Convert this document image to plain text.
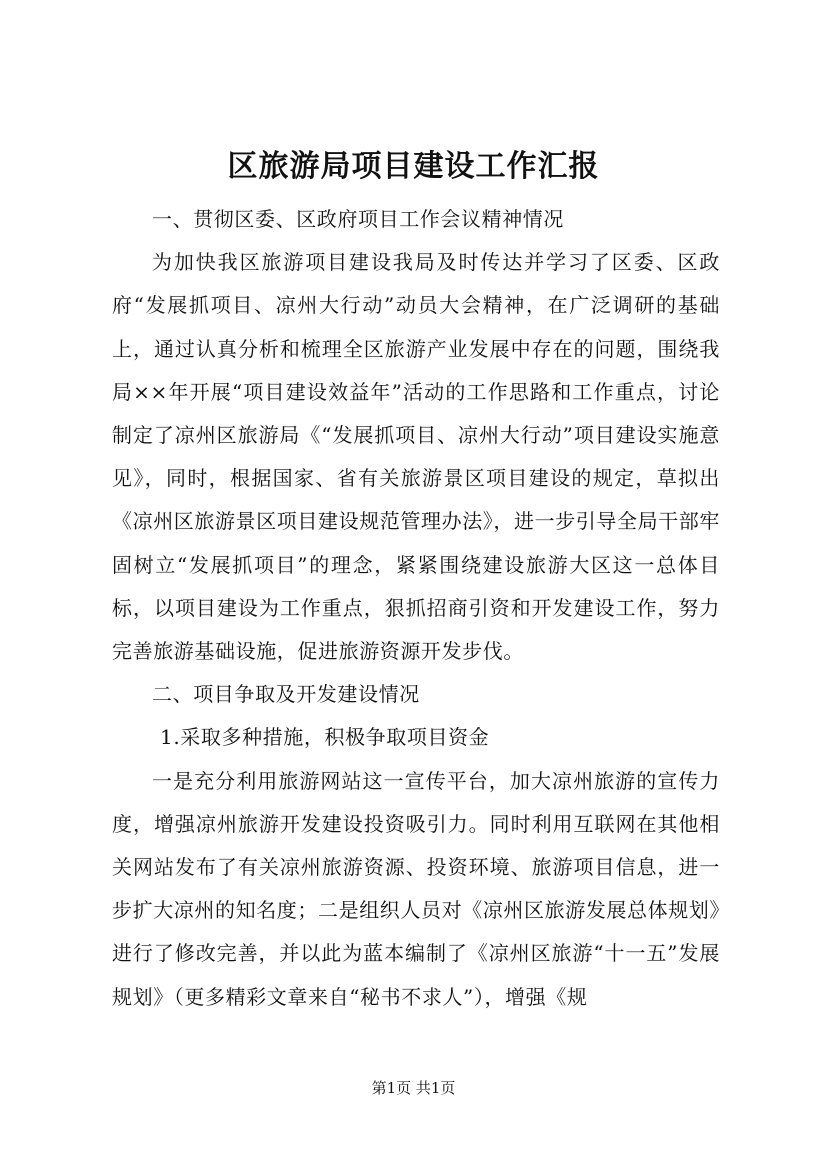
区旅游局项目建设工作汇报

一、贯彻区委、区政府项目工作会议精神情况

为加快我区旅游项目建设我局及时传达并学习了区委、区政府“发展抓项目、凉州大行动”动员大会精神，在广泛调研的基础上，通过认真分析和梳理全区旅游产业发展中存在的问题，围绕我局××年开展“项目建设效益年”活动的工作思路和工作重点，讨论制定了凉州区旅游局《“发展抓项目、凉州大行动”项目建设实施意见》，同时，根据国家、省有关旅游景区项目建设的规定，草拟出《凉州区旅游景区项目建设规范管理办法》，进一步引导全局干部牢固树立“发展抓项目”的理念，紧紧围绕建设旅游大区这一总体目标，以项目建设为工作重点，狠抓招商引资和开发建设工作，努力完善旅游基础设施，促进旅游资源开发步伐。

二、项目争取及开发建设情况

1.采取多种措施，积极争取项目资金

一是充分利用旅游网站这一宣传平台，加大凉州旅游的宣传力度，增强凉州旅游开发建设投资吸引力。同时利用互联网在其他相关网站发布了有关凉州旅游资源、投资环境、旅游项目信息，进一步扩大凉州的知名度；二是组织人员对《凉州区旅游发展总体规划》进行了修改完善，并以此为蓝本编制了《凉州区旅游“十一五”发展规划》（更多精彩文章来自“秘书不求人”），增强《规

第1页 共1页
